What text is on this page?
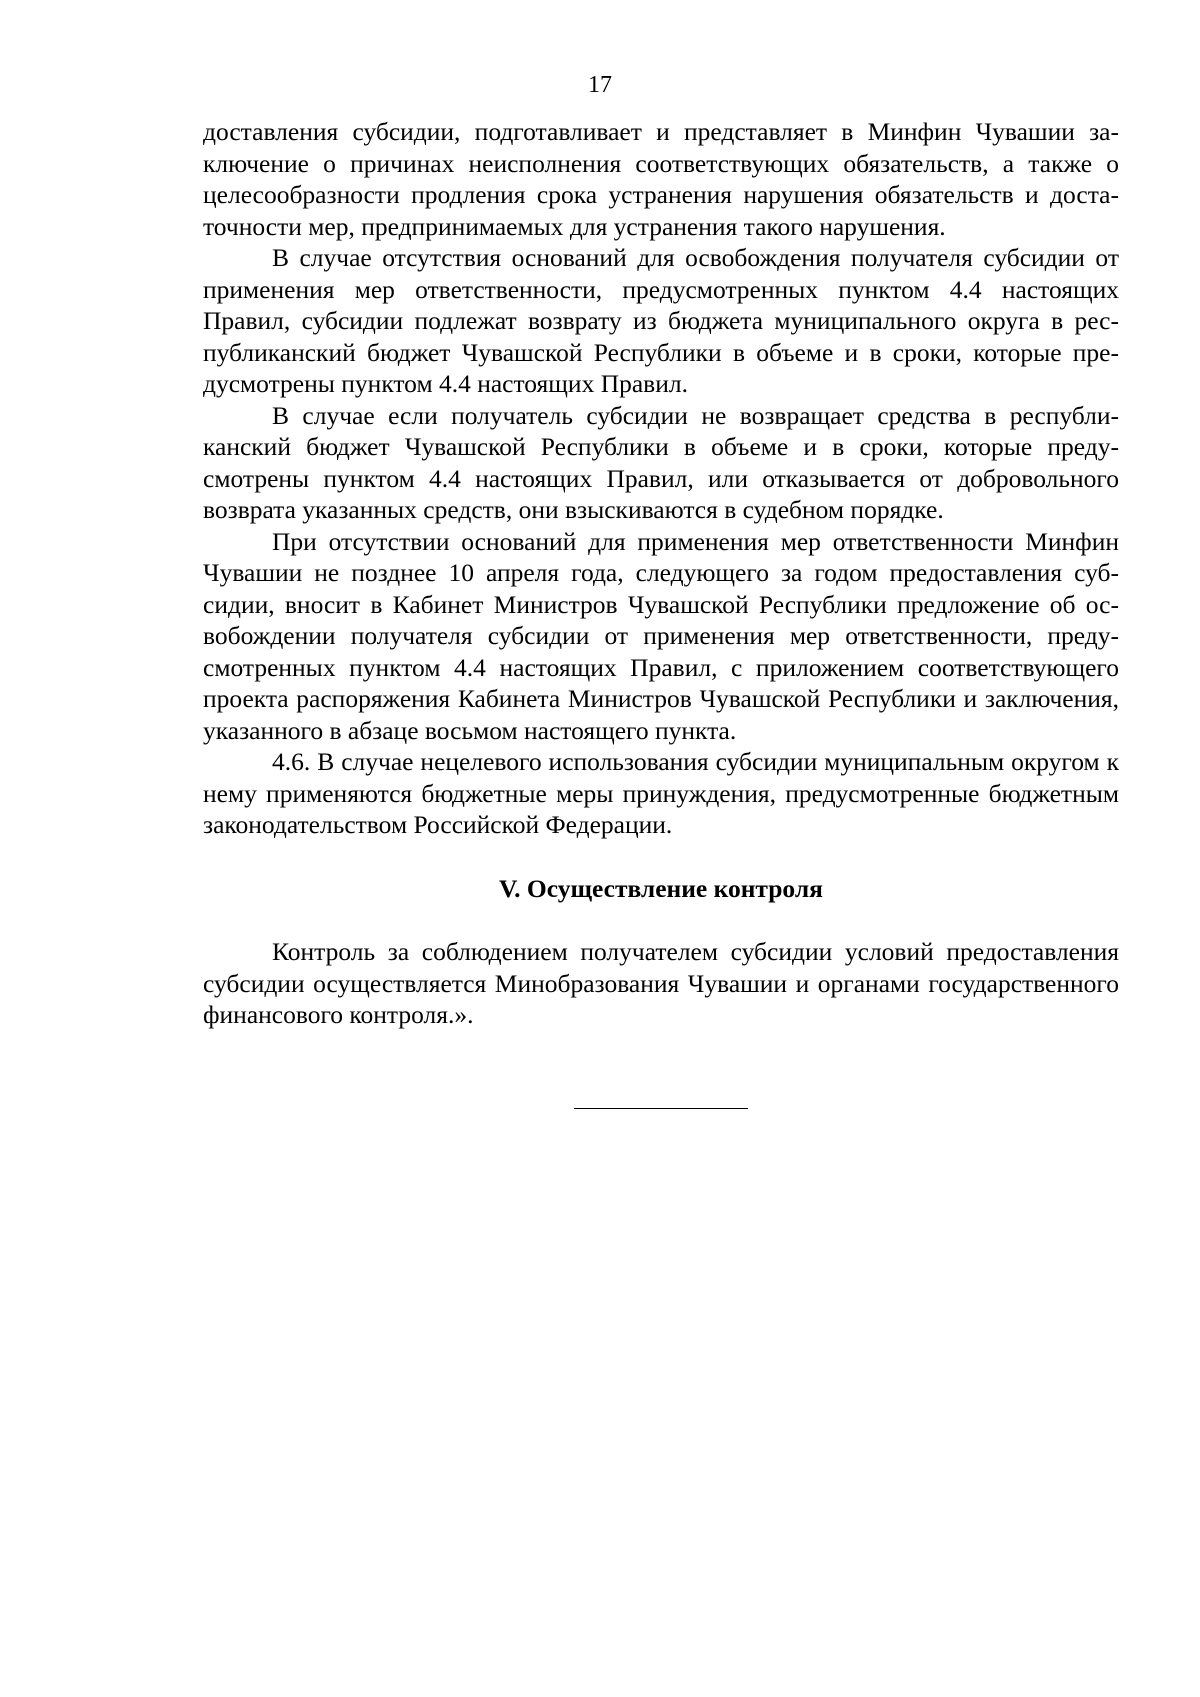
17

доставления субсидии, подготавливает и представляет в Минфин Чувашии заключение о причинах неисполнения соответствующих обязательств, а также о целесообразности продления срока устранения нарушения обязательств и достаточности мер, предпринимаемых для устранения такого нарушения.

В случае отсутствия оснований для освобождения получателя субсидии от применения мер ответственности, предусмотренных пунктом 4.4 настоящих Правил, субсидии подлежат возврату из бюджета муниципального округа в республиканский бюджет Чувашской Республики в объеме и в сроки, которые предусмотрены пунктом 4.4 настоящих Правил.

В случае если получатель субсидии не возвращает средства в республиканский бюджет Чувашской Республики в объеме и в сроки, которые предусмотрены пунктом 4.4 настоящих Правил, или отказывается от добровольного возврата указанных средств, они взыскиваются в судебном порядке.

При отсутствии оснований для применения мер ответственности Минфин Чувашии не позднее 10 апреля года, следующего за годом предоставления субсидии, вносит в Кабинет Министров Чувашской Республики предложение об освобождении получателя субсидии от применения мер ответственности, предусмотренных пунктом 4.4 настоящих Правил, с приложением соответствующего проекта распоряжения Кабинета Министров Чувашской Республики и заключения, указанного в абзаце восьмом настоящего пункта.

4.6. В случае нецелевого использования субсидии муниципальным округом к нему применяются бюджетные меры принуждения, предусмотренные бюджетным законодательством Российской Федерации.

V. Осуществление контроля

Контроль за соблюдением получателем субсидии условий предоставления субсидии осуществляется Минобразования Чувашии и органами государственного финансового контроля.».
